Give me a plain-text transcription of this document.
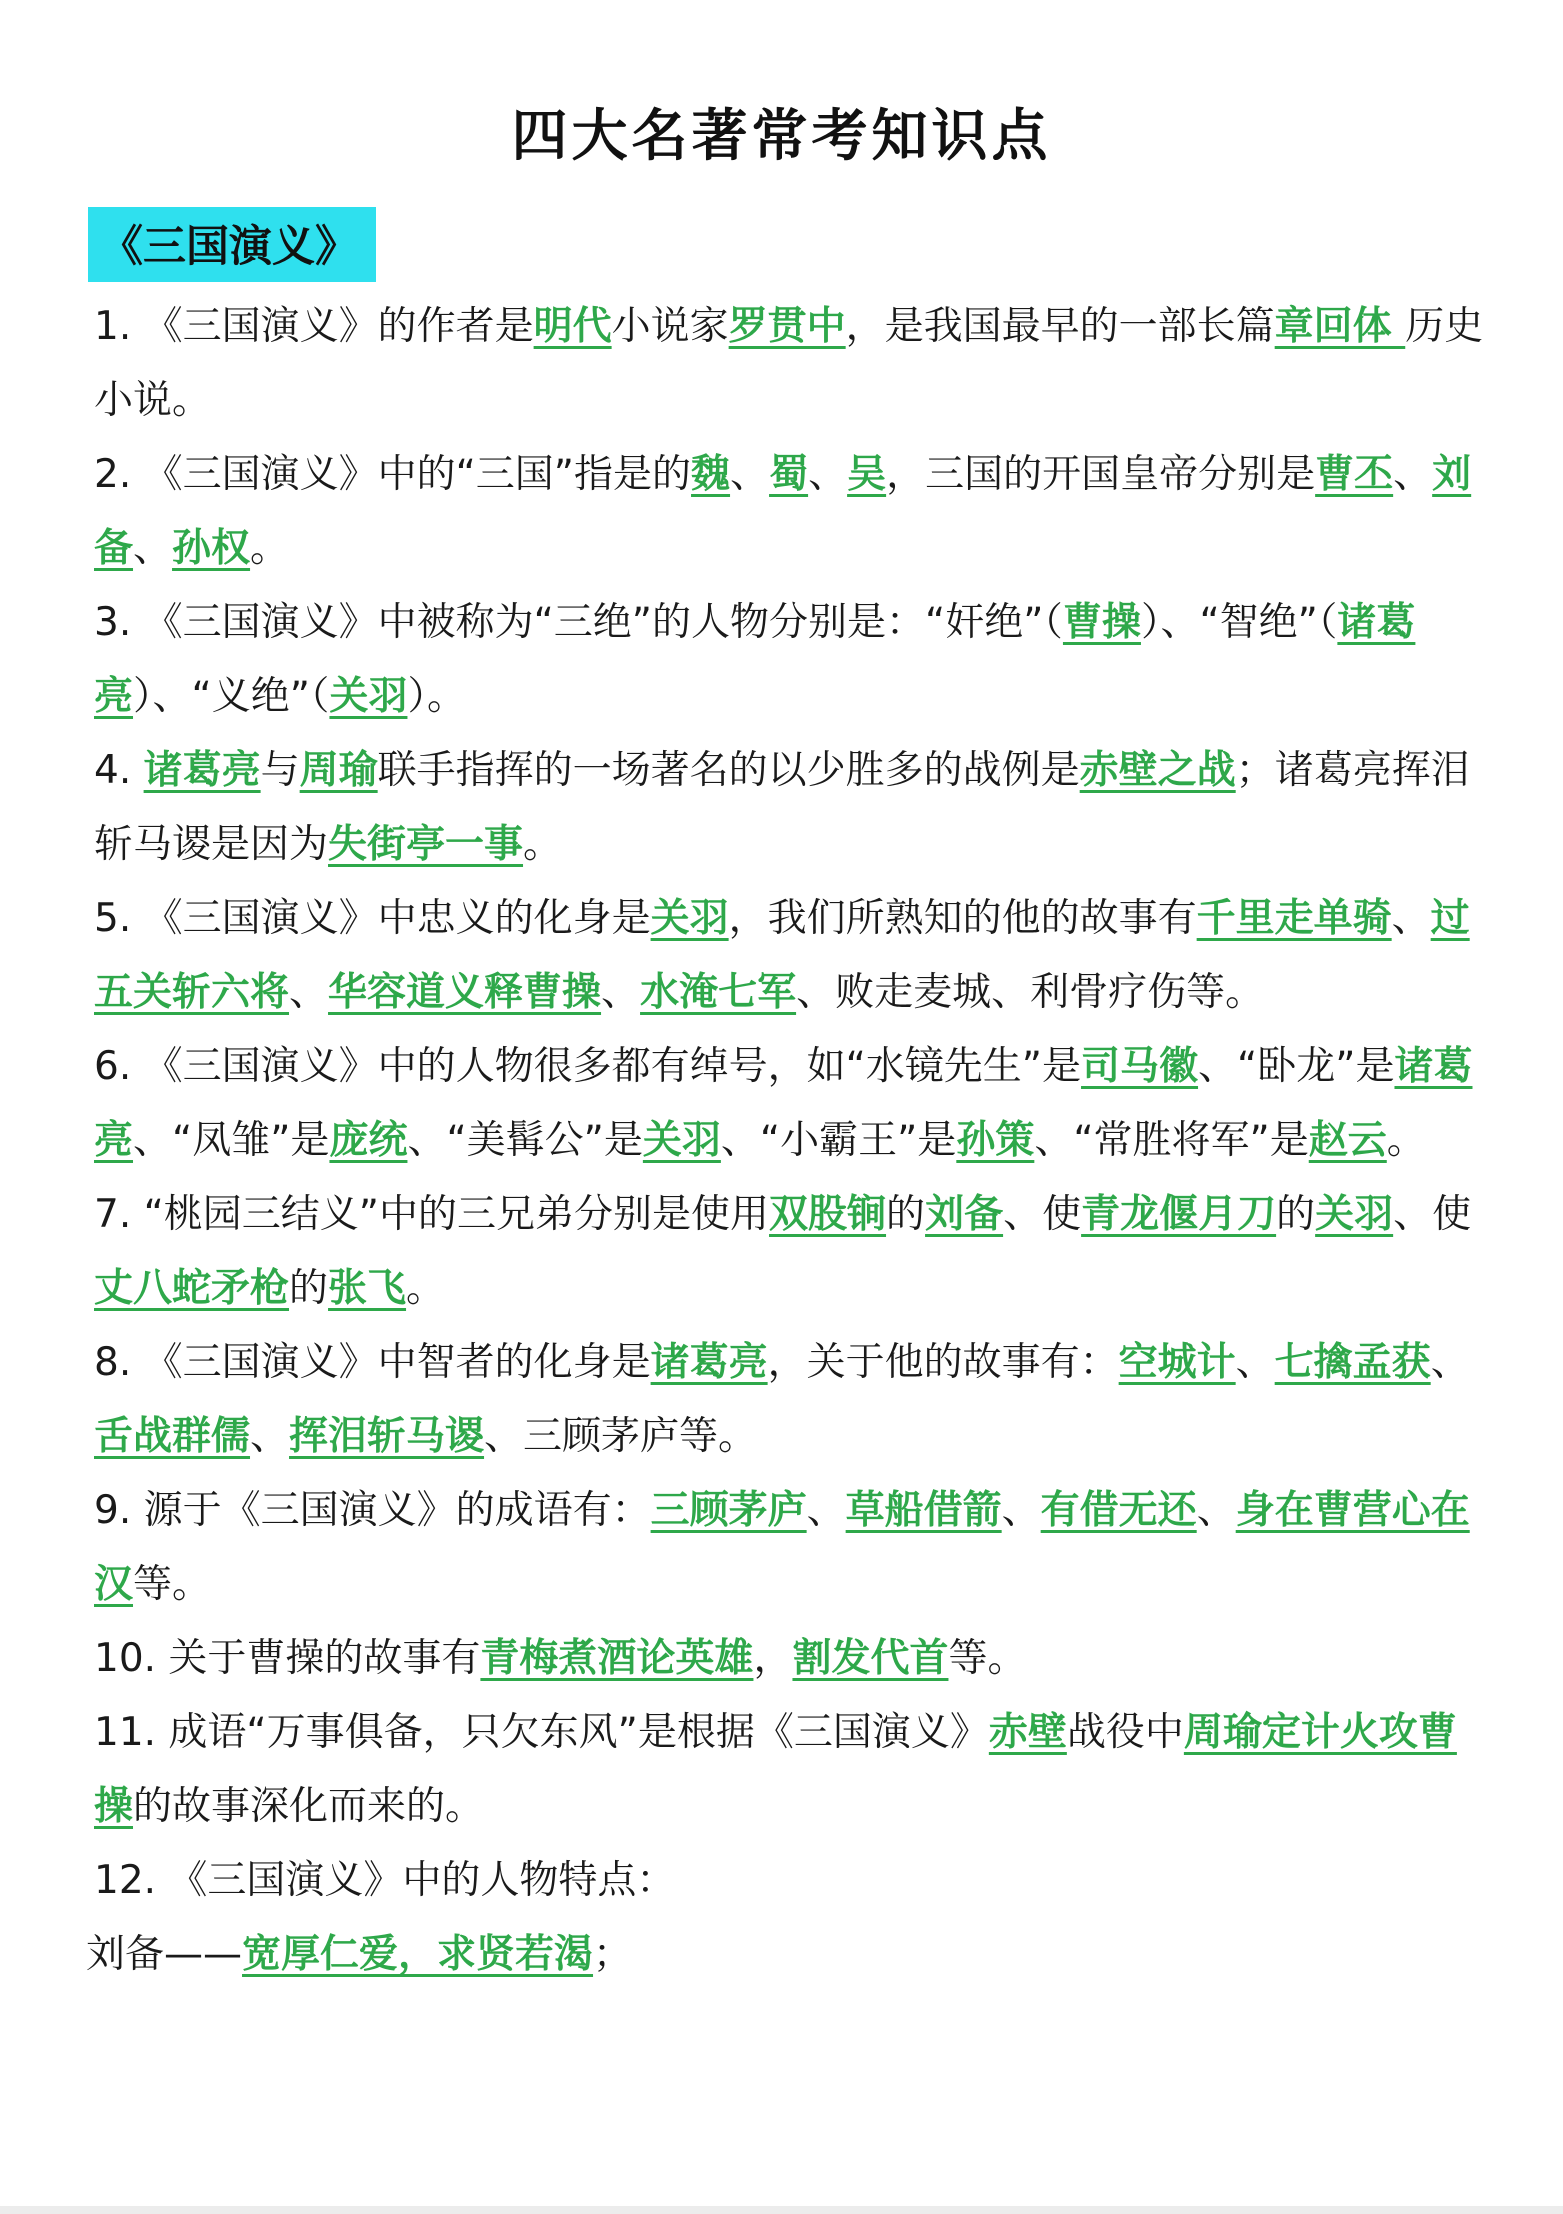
四大名著常考知识点
《三国演义》

1. 《三国演义》的作者是明代小说家罗贯中，是我国最早的一部长篇章回体 历史小说。

2. 《三国演义》中的“三国”指是的魏、蜀、吴，三国的开国皇帝分别是曹丕、刘备、孙权。

3. 《三国演义》中被称为“三绝”的人物分别是：“奸绝”（曹操）、“智绝”（诸葛亮）、“义绝”（关羽）。

4. 诸葛亮与周瑜联手指挥的一场著名的以少胜多的战例是赤壁之战；诸葛亮挥泪斩马谡是因为失街亭一事。

5. 《三国演义》中忠义的化身是关羽，我们所熟知的他的故事有千里走单骑、过五关斩六将、华容道义释曹操、水淹七军、败走麦城、利骨疗伤等。

6. 《三国演义》中的人物很多都有绰号，如“水镜先生”是司马徽、“卧龙”是诸葛亮、“凤雏”是庞统、“美髯公”是关羽、“小霸王”是孙策、“常胜将军”是赵云。

7. “桃园三结义”中的三兄弟分别是使用双股锏的刘备、使青龙偃月刀的关羽、使丈八蛇矛枪的张飞。

8. 《三国演义》中智者的化身是诸葛亮，关于他的故事有：空城计、七擒孟获、舌战群儒、挥泪斩马谡、三顾茅庐等。

9. 源于《三国演义》的成语有：三顾茅庐、草船借箭、有借无还、身在曹营心在汉等。

10. 关于曹操的故事有青梅煮酒论英雄，割发代首等。

11. 成语“万事俱备，只欠东风”是根据《三国演义》赤壁战役中周瑜定计火攻曹操的故事深化而来的。

12. 《三国演义》中的人物特点：

刘备——宽厚仁爱，求贤若渴；
